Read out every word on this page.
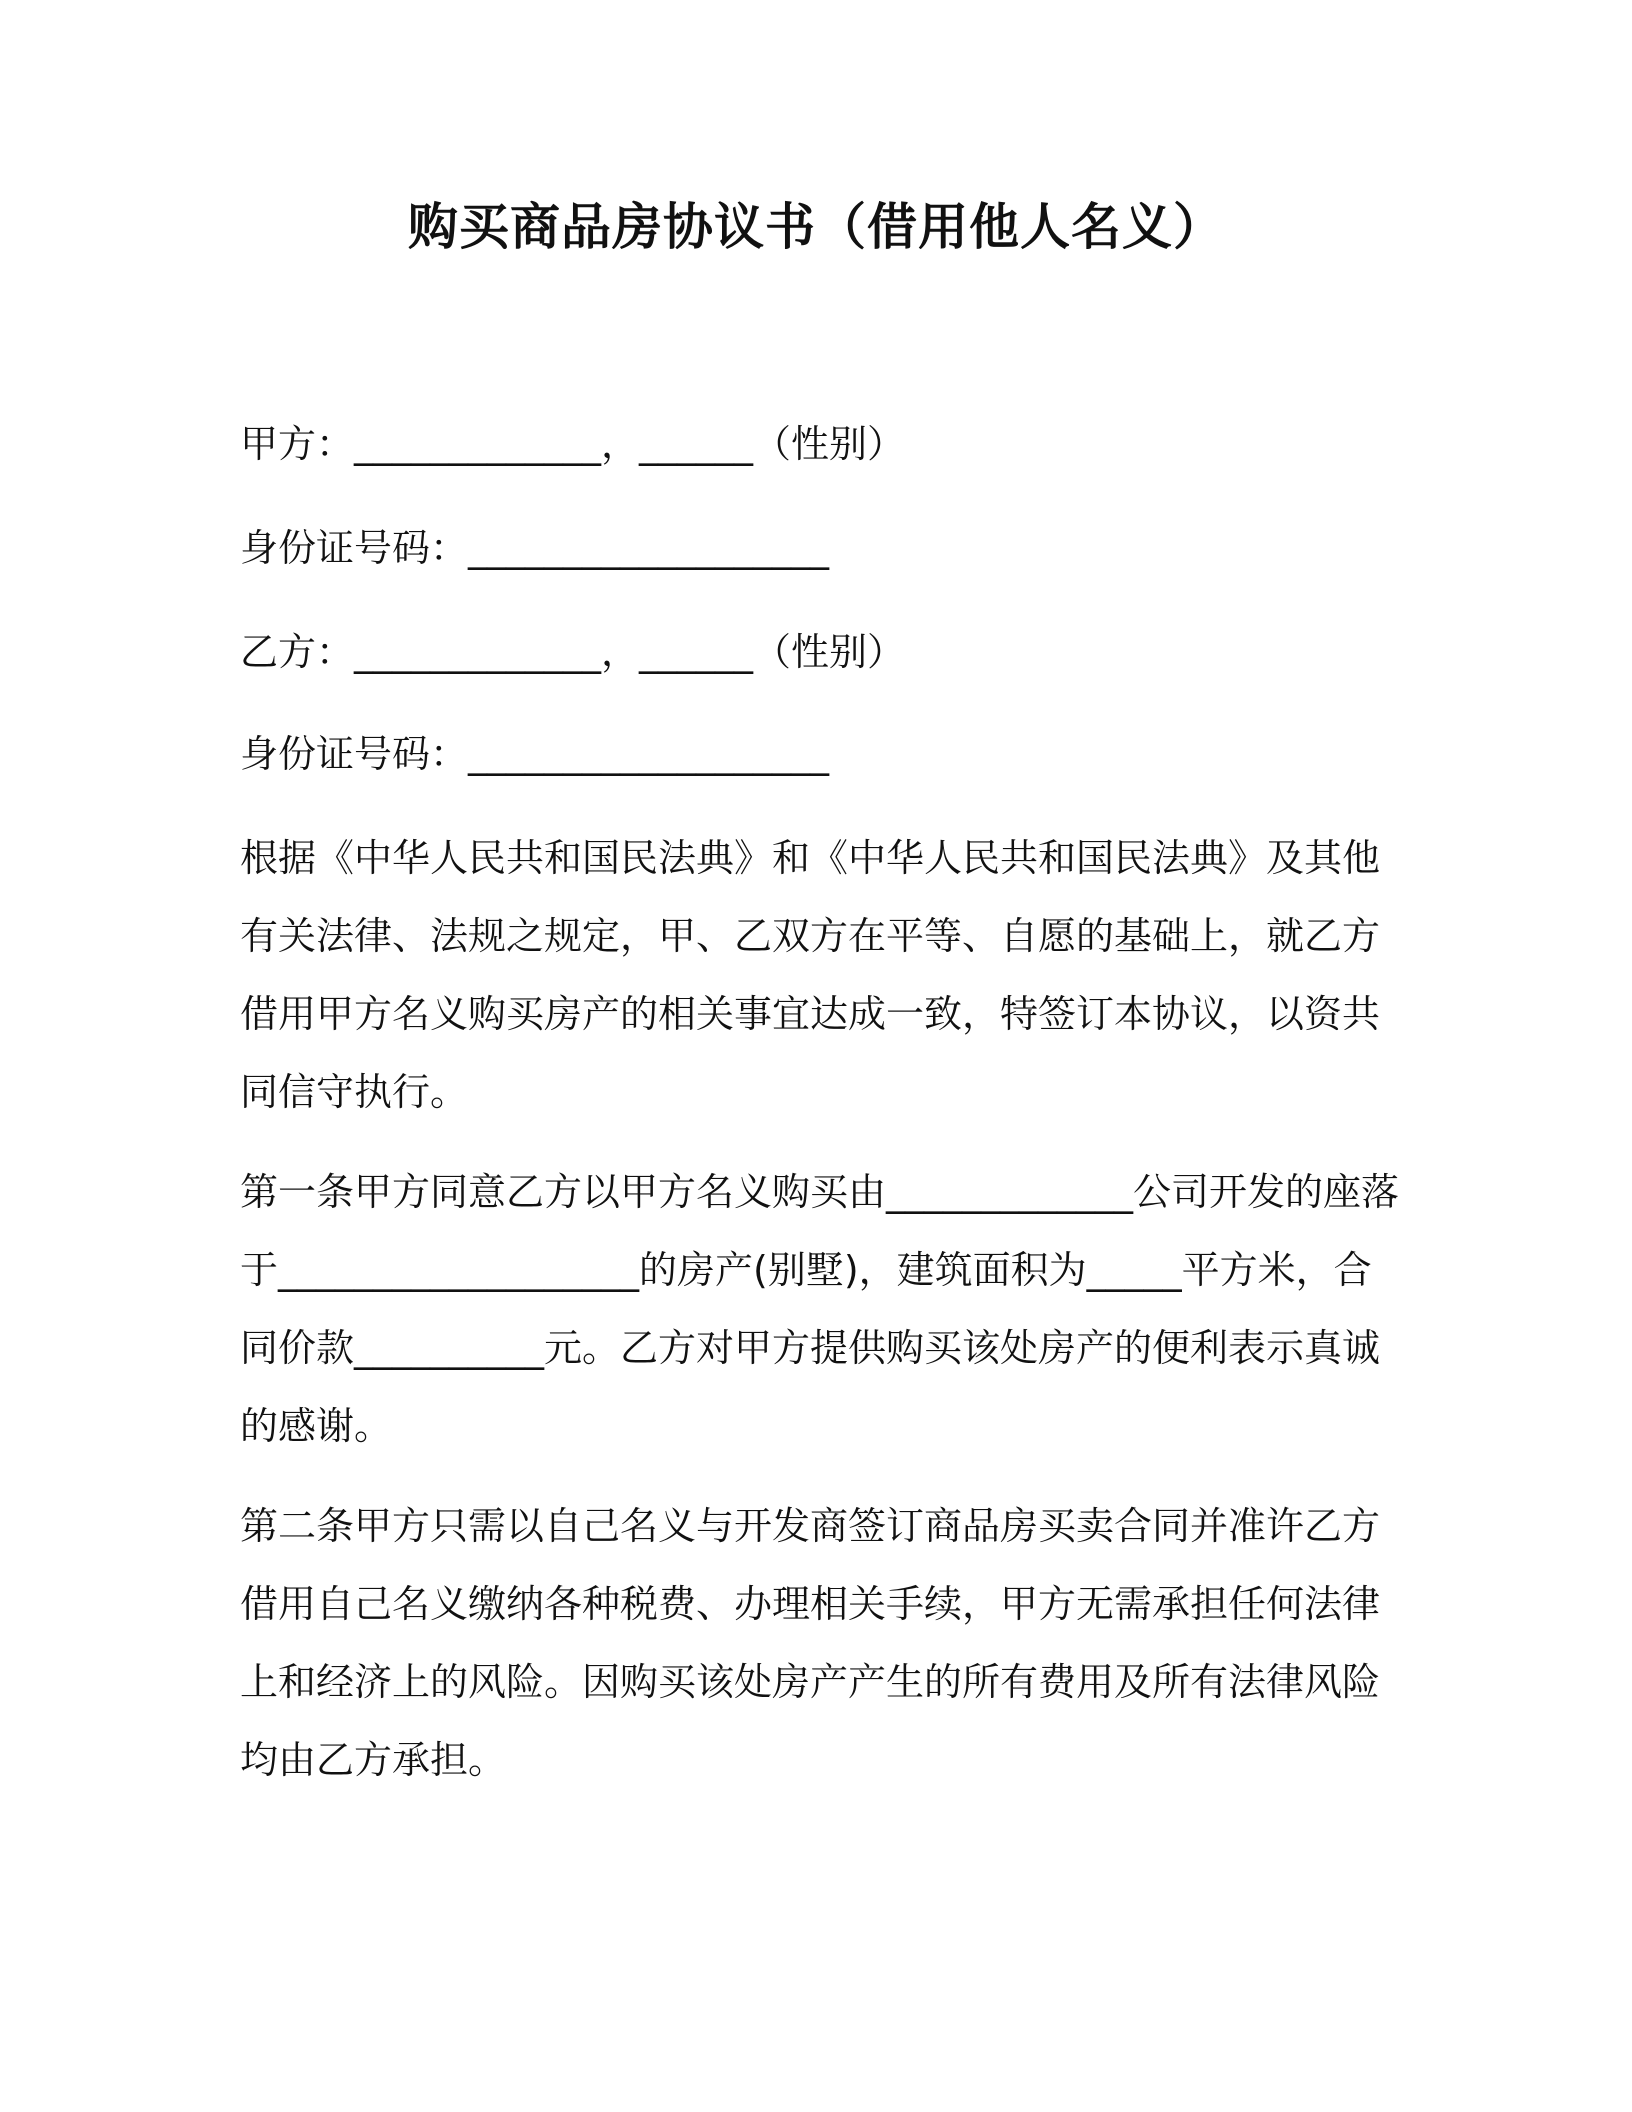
购买商品房协议书（借用他人名义）
甲方：_____________，______（性别）
身份证号码：___________________
乙方：_____________，______（性别）
身份证号码：___________________
根据《中华人民共和国民法典》和《中华人民共和国民法典》及其他
有关法律、法规之规定，甲、乙双方在平等、自愿的基础上，就乙方
借用甲方名义购买房产的相关事宜达成一致，特签订本协议，以资共
同信守执行。
第一条甲方同意乙方以甲方名义购买由_____________公司开发的座落
于___________________的房产(别墅)，建筑面积为_____平方米，合
同价款__________元。乙方对甲方提供购买该处房产的便利表示真诚
的感谢。
第二条甲方只需以自己名义与开发商签订商品房买卖合同并准许乙方
借用自己名义缴纳各种税费、办理相关手续，甲方无需承担任何法律
上和经济上的风险。因购买该处房产产生的所有费用及所有法律风险
均由乙方承担。
